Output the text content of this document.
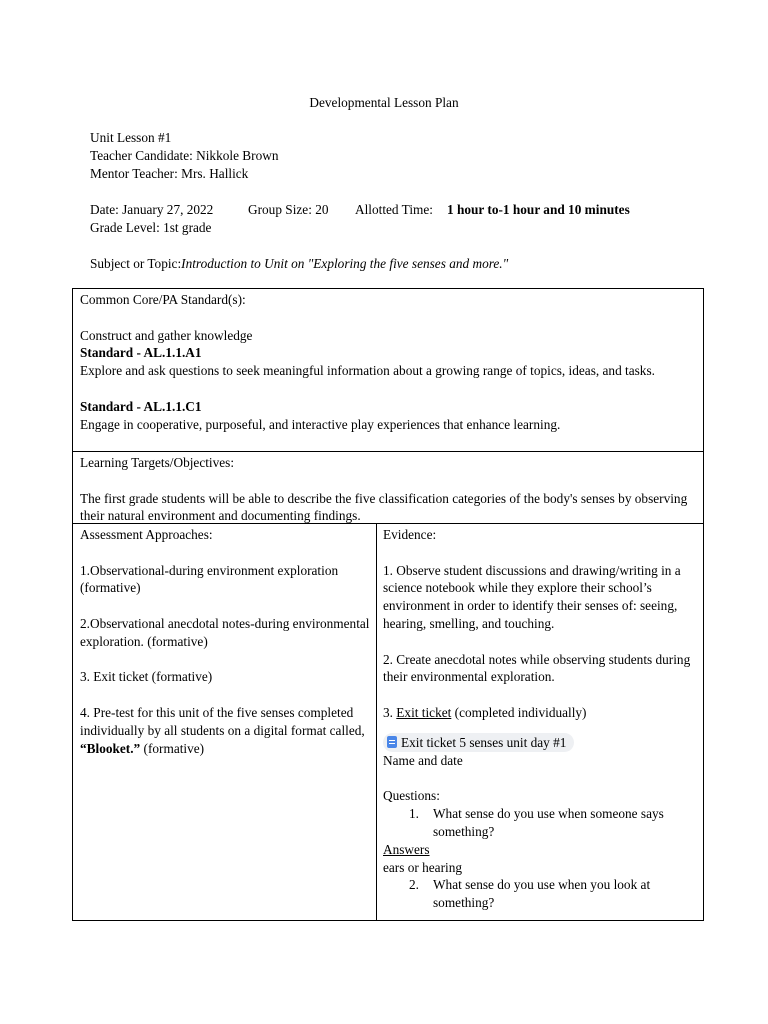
Developmental Lesson Plan
Unit Lesson #1
Teacher Candidate: Nikkole Brown
Mentor Teacher: Mrs. Hallick
Date: January 27, 2022	Group Size: 20 Allotted Time: 1 hour to-1 hour and 10 minutes
Grade Level: 1st grade
Subject or Topic:Introduction to Unit on "Exploring the five senses and more."

Common Core/PA Standard(s):

Construct and gather knowledge

Standard - AL.1.1.A1

Explore and ask questions to seek meaningful information about a growing range of topics, ideas, and tasks.

Standard - AL.1.1.C1

Engage in cooperative, purposeful, and interactive play experiences that enhance learning.

Learning Targets/Objectives:

The first grade students will be able to describe the five classification categories of the body's senses by observing their natural environment and documenting findings.

Assessment Approaches:

1.Observational-during environment exploration (formative)

2.Observational anecdotal notes-during environmental exploration. (formative)

3. Exit ticket (formative)

4. Pre-test for this unit of the five senses completed individually by all students on a digital format called, “Blooket.” (formative)

Evidence:

1. Observe student discussions and drawing/writing in a science notebook while they explore their school’s environment in order to identify their senses of: seeing, hearing, smelling, and touching.

2. Create anecdotal notes while observing students during their environmental exploration.

3. Exit ticket (completed individually)

Exit ticket 5 senses unit day #1

Name and date

Questions:

1. What sense do you use when someone says something?

Answers

ears or hearing

2. What sense do you use when you look at something?
